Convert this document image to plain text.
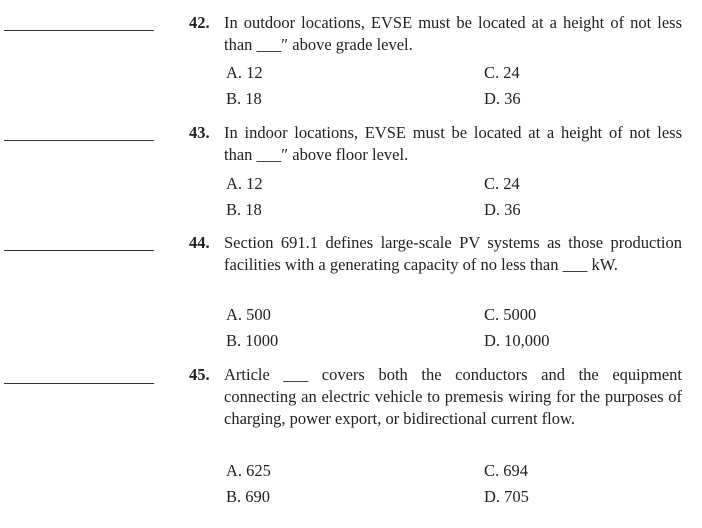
42. In outdoor locations, EVSE must be located at a height of not less than ___″ above grade level.
A. 12	C. 24
B. 18	D. 36
43. In indoor locations, EVSE must be located at a height of not less than ___″ above floor level.
A. 12	C. 24
B. 18	D. 36
44. Section 691.1 defines large-scale PV systems as those production facilities with a generating capacity of no less than ___ kW.
A. 500	C. 5000
B. 1000	D. 10,000
45. Article ___ covers both the conductors and the equipment connecting an electric vehicle to premesis wiring for the purposes of charging, power export, or bidirectional current flow.
A. 625	C. 694
B. 690	D. 705
